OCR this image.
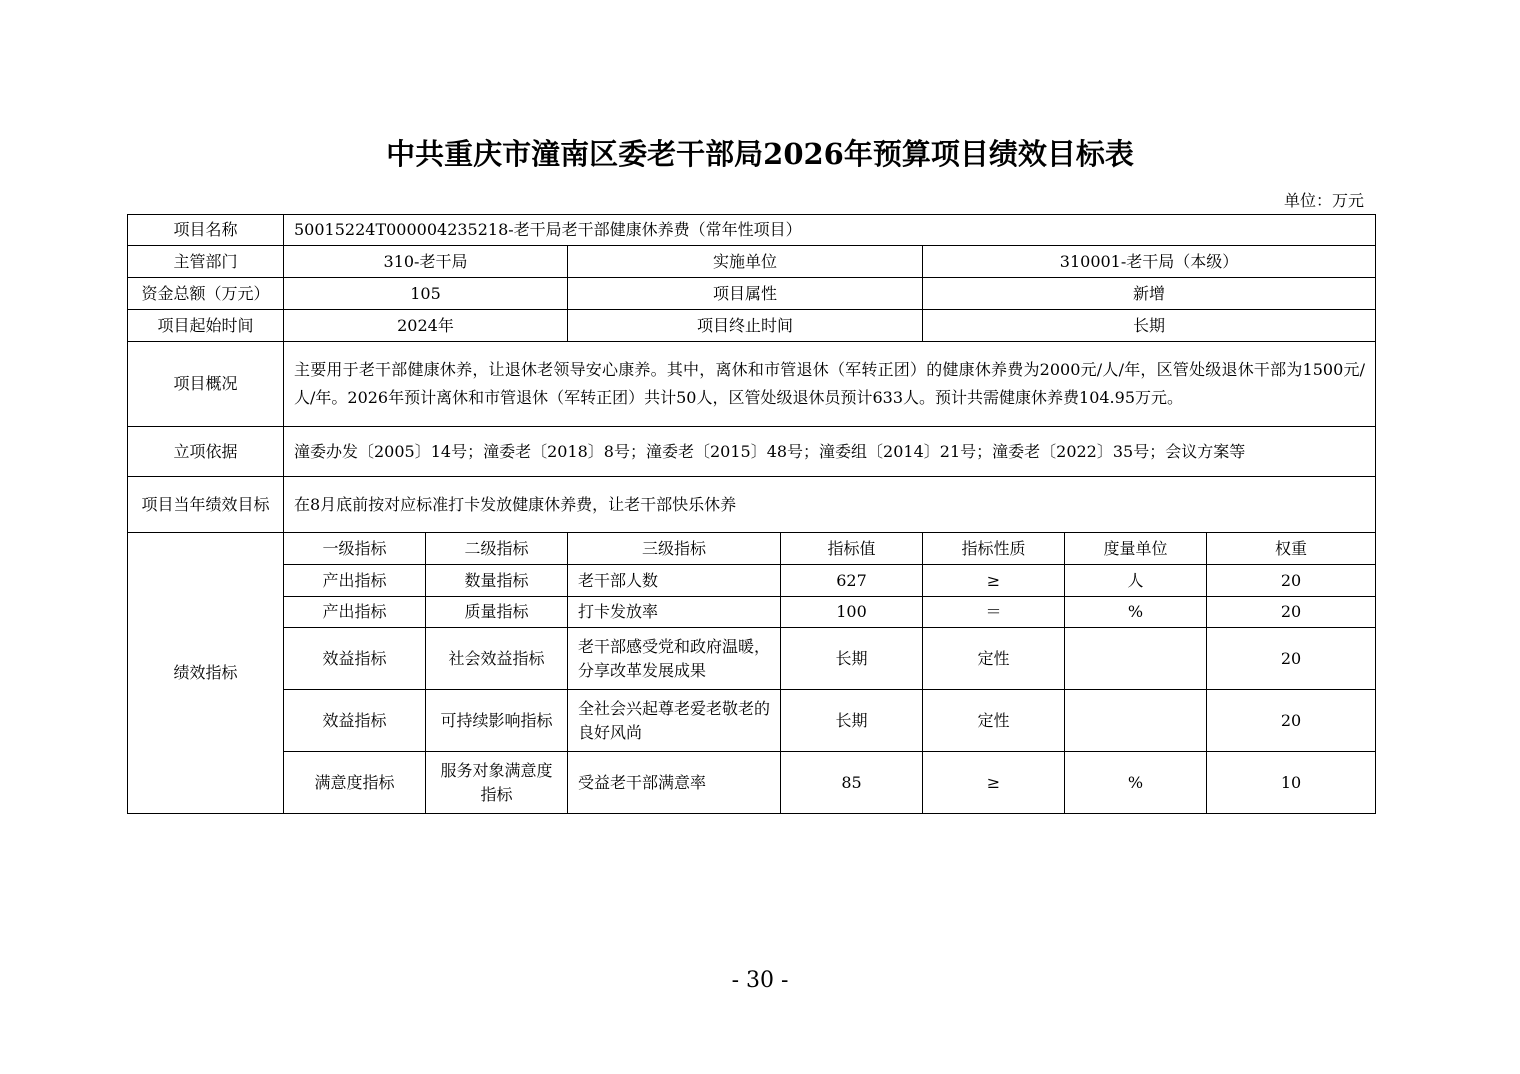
中共重庆市潼南区委老干部局2026年预算项目绩效目标表
单位：万元
项目名称	50015224T000004235218-老干局老干部健康休养费（常年性项目）						
主管部门	310-老干局		实施单位		310001-老干局（本级）		
资金总额（万元）	105		项目属性		新增		
项目起始时间	2024年		项目终止时间		长期		
项目概况	主要用于老干部健康休养，让退休老领导安心康养。其中，离休和市管退休（军转正团）的健康休养费为2000元/人/年，区管处级退休干部为1500元/人/年。2026年预计离休和市管退休（军转正团）共计50人，区管处级退休员预计633人。预计共需健康休养费104.95万元。						
立项依据	潼委办发〔2005〕14号；潼委老〔2018〕8号；潼委老〔2015〕48号；潼委组〔2014〕21号；潼委老〔2022〕35号；会议方案等						
项目当年绩效目标	在8月底前按对应标准打卡发放健康休养费，让老干部快乐休养						
绩效指标	一级指标	二级指标	三级指标	指标值	指标性质	度量单位	权重
	产出指标	数量指标	老干部人数	627	≥	人	20
	产出指标	质量指标	打卡发放率	100	＝	%	20
	效益指标	社会效益指标	老干部感受党和政府温暖，分享改革发展成果	长期	定性		20
	效益指标	可持续影响指标	全社会兴起尊老爱老敬老的良好风尚	长期	定性		20
	满意度指标	服务对象满意度指标	受益老干部满意率	85	≥	%	10
- 30 -
